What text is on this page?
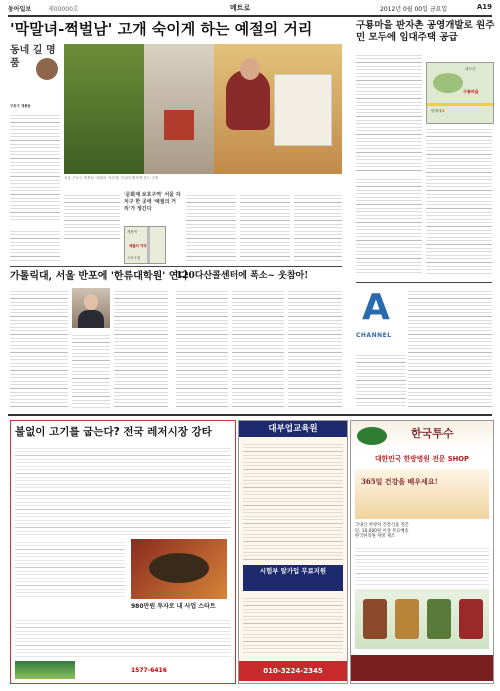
동아일보	제00000호	메트로	2012년 0월 00일 금요일	A19
'막말녀-쩍벌남' 고개 숙이게 하는 예절의 거리
동네 길 명품

구로구 개봉동

서울 구로구 개봉동 '예절의 거리'를 거닐며 환하게 웃는 주민
'문화재 보호구역' 서울 자치구 한 곳에 '예절의 거리'가 생긴다
개봉역
예절의 거리
구로구청
구룡마을 판자촌 공영개발로 원주민 모두에 임대주택 공급
대모산
구룡마을
양재대로
A
CHANNEL
가톨릭대, 서울 반포에 '한류대학원' 연다
120다산콜센터에 폭소~ 웃참아!
불없이 고기를 굽는다? 전국 레저시장 강타
980만원 투자로 내 사업 스타트
1577-6416
대부업교육원
시험부 알가입 무료지원
010-3224-2345
한국투수
대한민국 한방병원 전문 SHOP
365일 건강을 배우세요!
국내산 한방차 건강식품 전문
단, 10,000원 이상 무료배송
한국한의원 처방 제조
